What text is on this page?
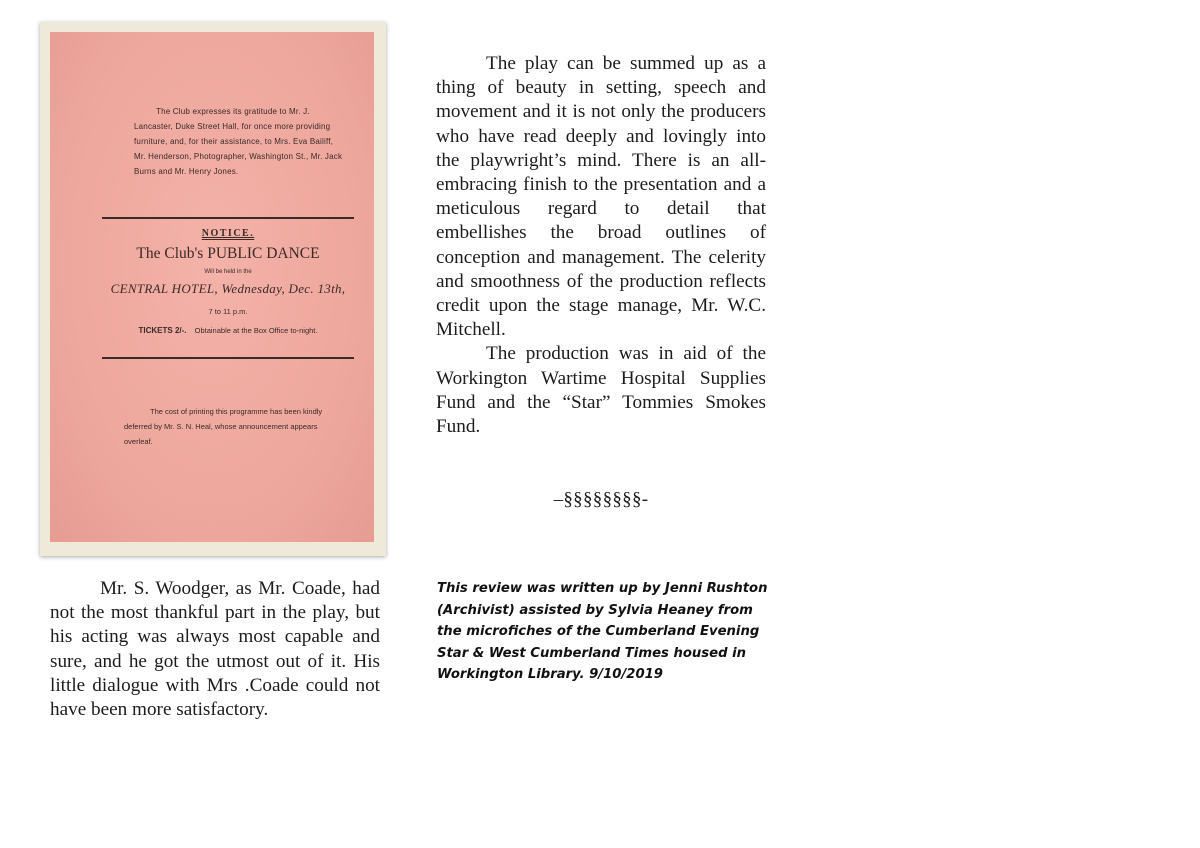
The Club expresses its gratitude to Mr. J. Lancaster, Duke Street Hall, for once more providing furniture, and, for their assistance, to Mrs. Eva Bailiff, Mr. Henderson, Photographer, Washington St., Mr. Jack Burns and Mr. Henry Jones.

NOTICE.
The Club's PUBLIC DANCE
Will be held in the
CENTRAL HOTEL, Wednesday, Dec. 13th,
7 to 11 p.m.
TICKETS 2/-. Obtainable at the Box Office to-night.

The cost of printing this programme has been kindly deferred by Mr. S. N. Heal, whose announcement appears overleaf.

The play can be summed up as a thing of beauty in setting, speech and movement and it is not only the producers who have read deeply and lovingly into the playwright’s mind. There is an all-embracing finish to the presentation and a meticulous regard to detail that embellishes the broad outlines of conception and management. The celerity and smoothness of the production reflects credit upon the stage manage, Mr. W.C. Mitchell.

The production was in aid of the Workington Wartime Hospital Supplies Fund and the “Star” Tommies Smokes Fund.

–§§§§§§§§-

Mr. S. Woodger, as Mr. Coade, had not the most thankful part in the play, but his acting was always most capable and sure, and he got the utmost out of it. His little dialogue with Mrs .Coade could not have been more satisfactory.

This review was written up by Jenni Rushton (Archivist) assisted by Sylvia Heaney from the microfiches of the Cumberland Evening Star & West Cumberland Times housed in Workington Library. 9/10/2019
